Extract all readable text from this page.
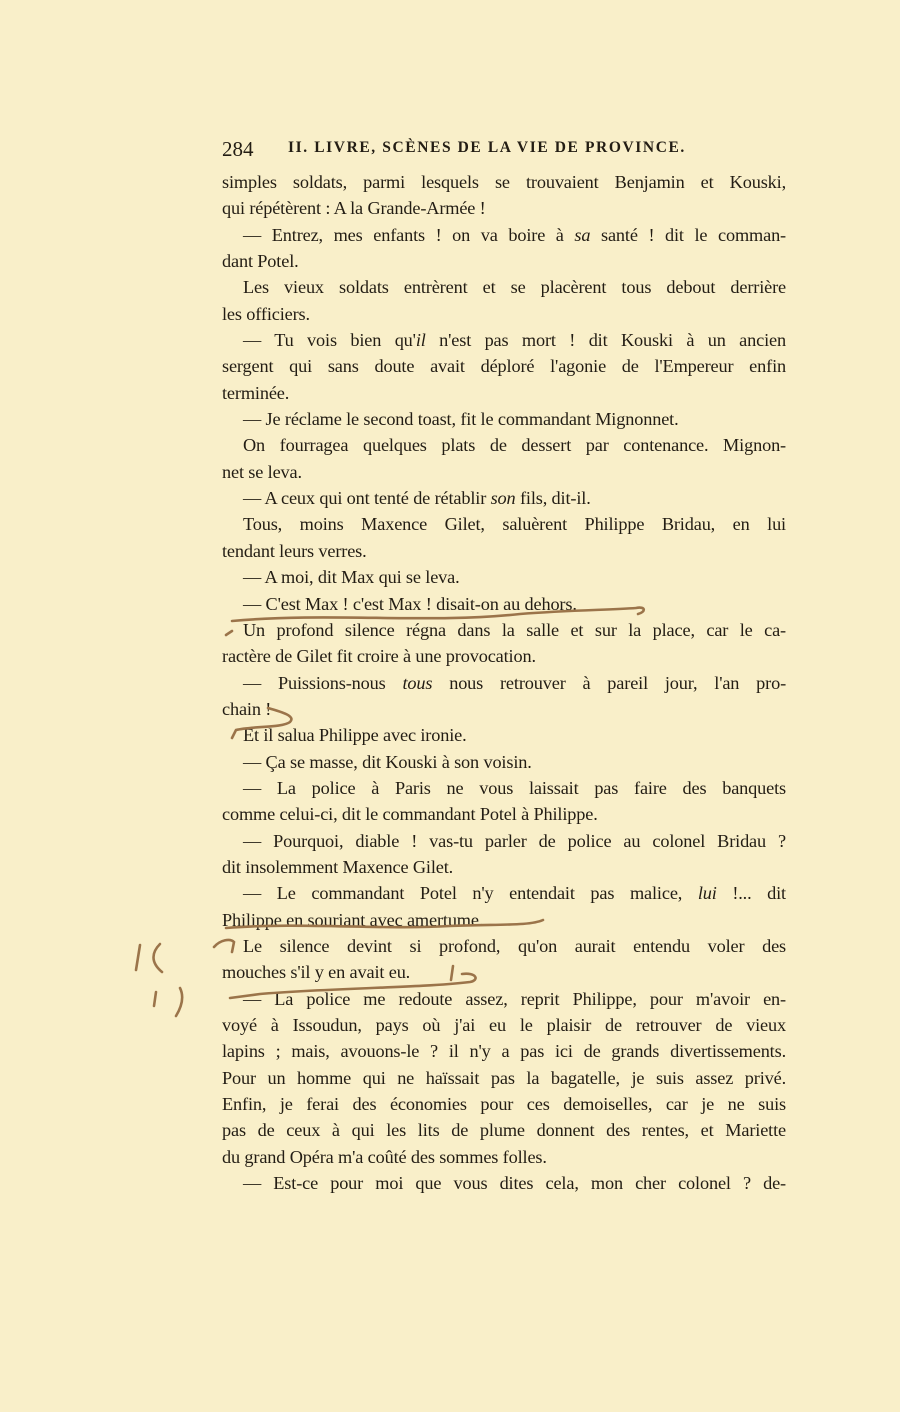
284 II. LIVRE, SCÈNES DE LA VIE DE PROVINCE.
simples soldats, parmi lesquels se trouvaient Benjamin et Kouski,
qui répétèrent : A la Grande-Armée !
— Entrez, mes enfants ! on va boire à sa santé ! dit le comman-
dant Potel.
Les vieux soldats entrèrent et se placèrent tous debout derrière
les officiers.
— Tu vois bien qu'il n'est pas mort ! dit Kouski à un ancien
sergent qui sans doute avait déploré l'agonie de l'Empereur enfin
terminée.
— Je réclame le second toast, fit le commandant Mignonnet.
On fourragea quelques plats de dessert par contenance. Mignon-
net se leva.
— A ceux qui ont tenté de rétablir son fils, dit-il.
Tous, moins Maxence Gilet, saluèrent Philippe Bridau, en lui
tendant leurs verres.
— A moi, dit Max qui se leva.
— C'est Max ! c'est Max ! disait-on au dehors.
Un profond silence régna dans la salle et sur la place, car le ca-
ractère de Gilet fit croire à une provocation.
— Puissions-nous tous nous retrouver à pareil jour, l'an pro-
chain !
Et il salua Philippe avec ironie.
— Ça se masse, dit Kouski à son voisin.
— La police à Paris ne vous laissait pas faire des banquets
comme celui-ci, dit le commandant Potel à Philippe.
— Pourquoi, diable ! vas-tu parler de police au colonel Bridau ?
dit insolemment Maxence Gilet.
— Le commandant Potel n'y entendait pas malice, lui !... dit
Philippe en souriant avec amertume.
Le silence devint si profond, qu'on aurait entendu voler des
mouches s'il y en avait eu.
— La police me redoute assez, reprit Philippe, pour m'avoir en-
voyé à Issoudun, pays où j'ai eu le plaisir de retrouver de vieux
lapins ; mais, avouons-le ? il n'y a pas ici de grands divertissements.
Pour un homme qui ne haïssait pas la bagatelle, je suis assez privé.
Enfin, je ferai des économies pour ces demoiselles, car je ne suis
pas de ceux à qui les lits de plume donnent des rentes, et Mariette
du grand Opéra m'a coûté des sommes folles.
— Est-ce pour moi que vous dites cela, mon cher colonel ? de-
